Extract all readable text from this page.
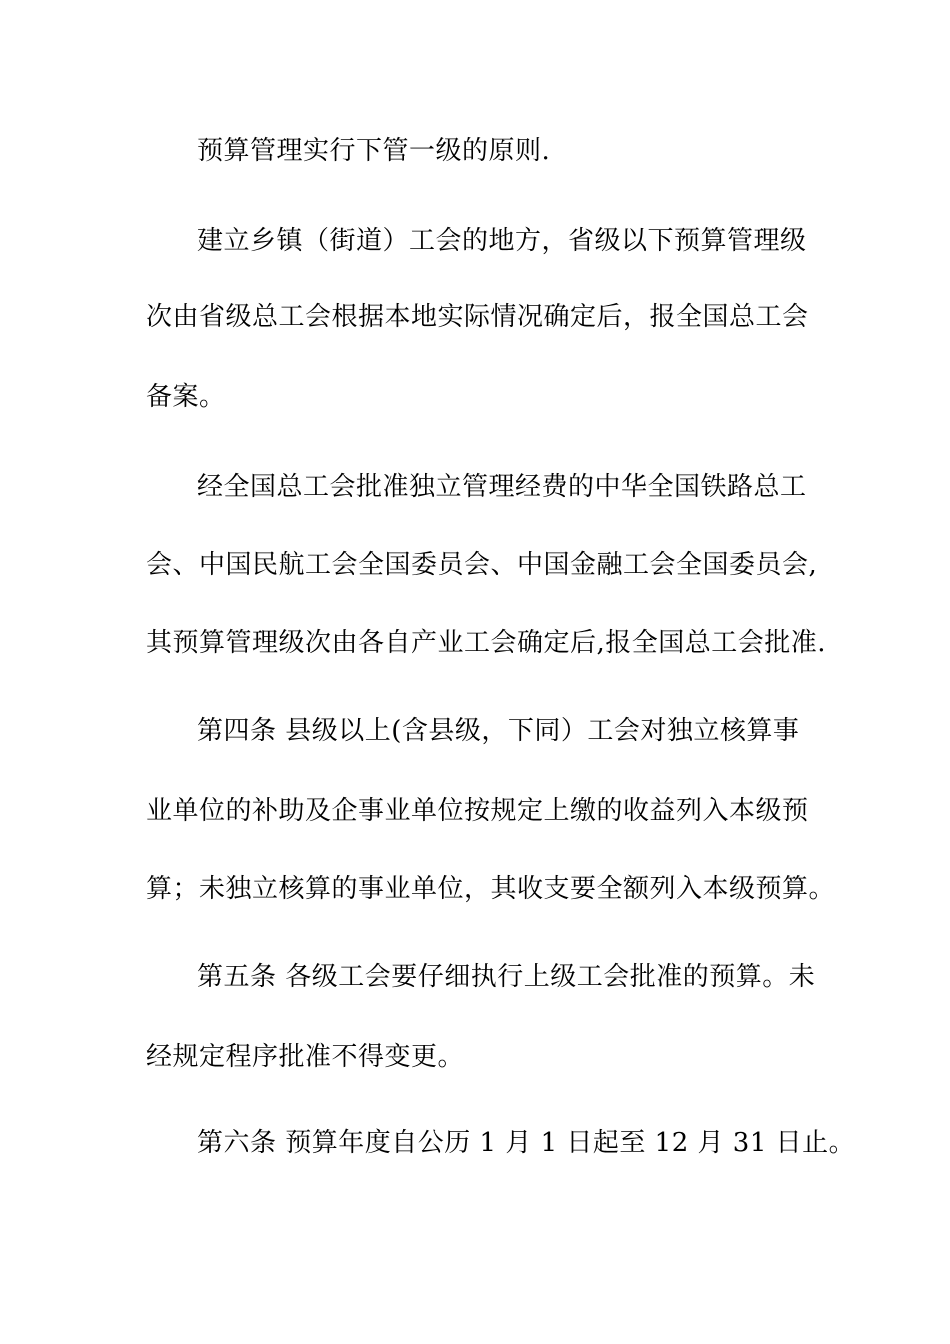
预算管理实行下管一级的原则.
建立乡镇（街道）工会的地方，省级以下预算管理级
次由省级总工会根据本地实际情况确定后，报全国总工会
备案。
经全国总工会批准独立管理经费的中华全国铁路总工
会、中国民航工会全国委员会、中国金融工会全国委员会,
其预算管理级次由各自产业工会确定后,报全国总工会批准.
第四条 县级以上(含县级，下同）工会对独立核算事
业单位的补助及企事业单位按规定上缴的收益列入本级预
算；未独立核算的事业单位，其收支要全额列入本级预算。
第五条 各级工会要仔细执行上级工会批准的预算。未
经规定程序批准不得变更。
第六条 预算年度自公历 1 月 1 日起至 12 月 31 日止。
